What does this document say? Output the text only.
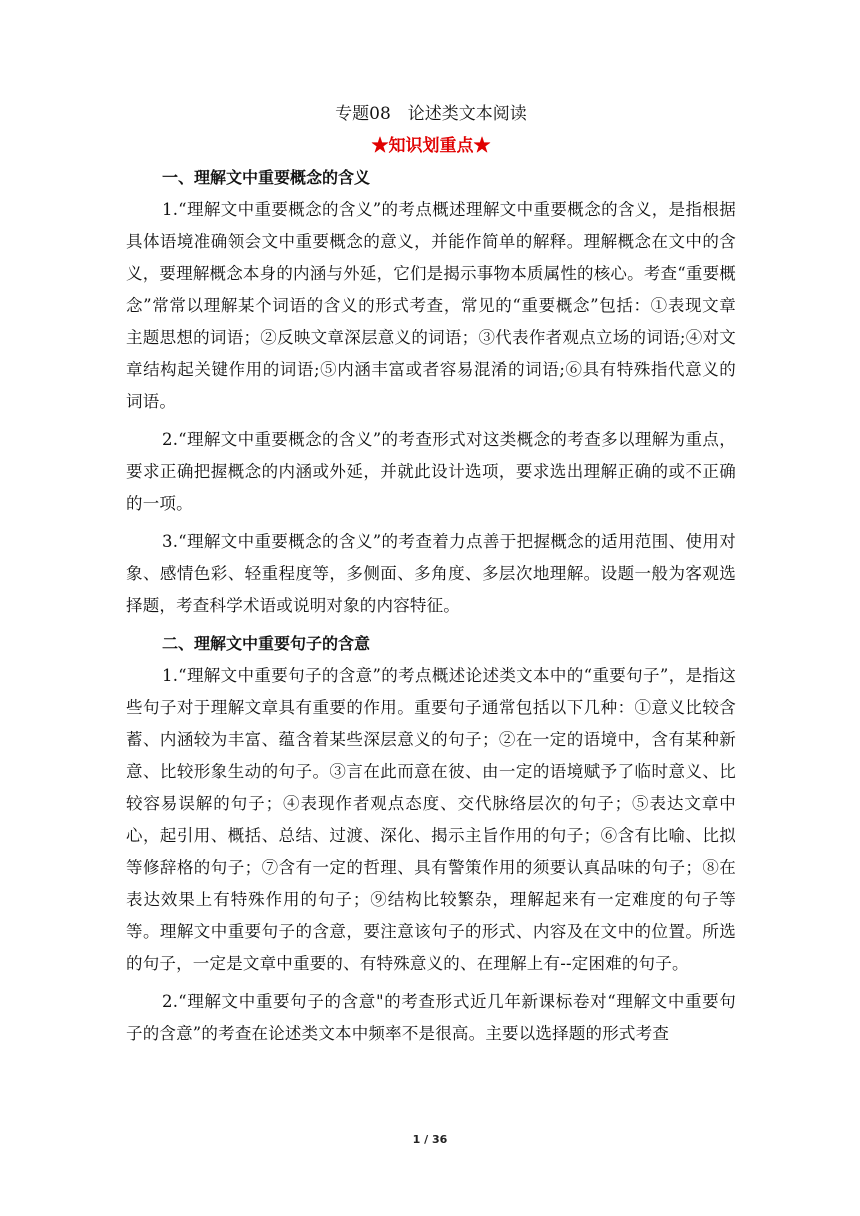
专题08　论述类文本阅读
★知识划重点★
一、理解文中重要概念的含义

1.“理解文中重要概念的含义”的考点概述理解文中重要概念的含义，是指根据具体语境准确领会文中重要概念的意义，并能作简单的解释。理解概念在文中的含义，要理解概念本身的内涵与外延，它们是揭示事物本质属性的核心。考查“重要概念”常常以理解某个词语的含义的形式考查，常见的“重要概念”包括：①表现文章主题思想的词语；②反映文章深层意义的词语；③代表作者观点立场的词语;④对文章结构起关键作用的词语;⑤内涵丰富或者容易混淆的词语;⑥具有特殊指代意义的词语。

2.“理解文中重要概念的含义”的考查形式对这类概念的考查多以理解为重点，要求正确把握概念的内涵或外延，并就此设计选项，要求选出理解正确的或不正确的一项。

3.“理解文中重要概念的含义”的考查着力点善于把握概念的适用范围、使用对象、感情色彩、轻重程度等，多侧面、多角度、多层次地理解。设题一般为客观选择题，考查科学术语或说明对象的内容特征。

二、理解文中重要句子的含意

1.“理解文中重要句子的含意”的考点概述论述类文本中的“重要句子”，是指这些句子对于理解文章具有重要的作用。重要句子通常包括以下几种：①意义比较含蓄、内涵较为丰富、蕴含着某些深层意义的句子；②在一定的语境中，含有某种新意、比较形象生动的句子。③言在此而意在彼、由一定的语境赋予了临时意义、比较容易误解的句子；④表现作者观点态度、交代脉络层次的句子；⑤表达文章中心，起引用、概括、总结、过渡、深化、揭示主旨作用的句子；⑥含有比喻、比拟等修辞格的句子；⑦含有一定的哲理、具有警策作用的须要认真品味的句子；⑧在表达效果上有特殊作用的句子；⑨结构比较繁杂，理解起来有一定难度的句子等等。理解文中重要句子的含意，要注意该句子的形式、内容及在文中的位置。所选的句子，一定是文章中重要的、有特殊意义的、在理解上有--定困难的句子。

2.“理解文中重要句子的含意"的考查形式近几年新课标卷对“理解文中重要句子的含意”的考查在论述类文本中频率不是很高。主要以选择题的形式考查

1 / 36
